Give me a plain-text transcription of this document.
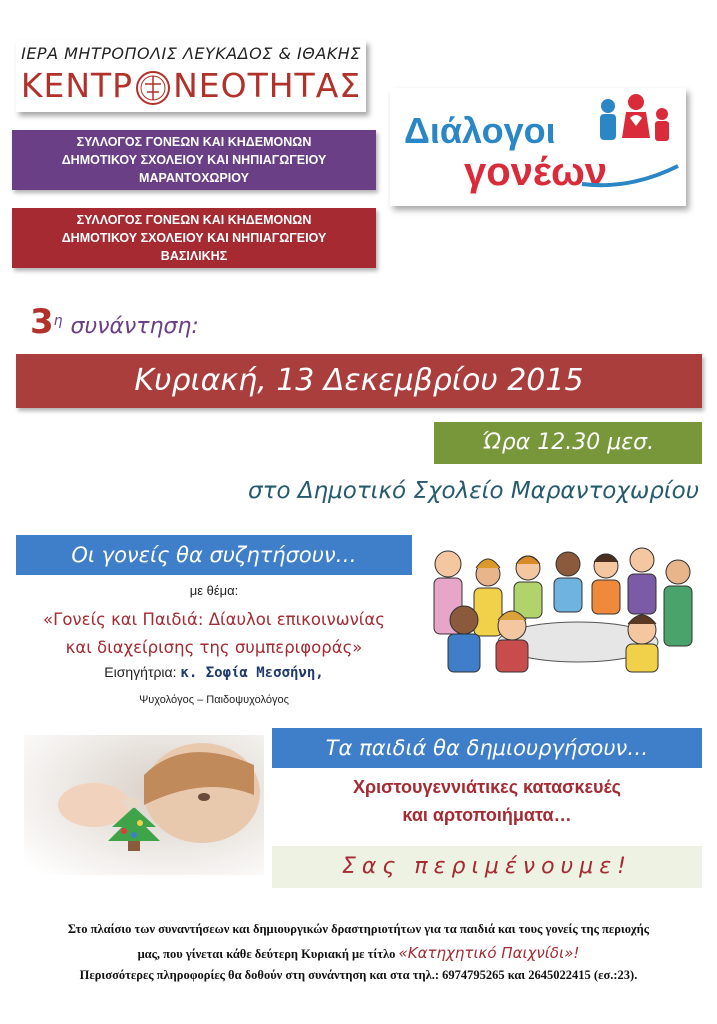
ΙΕΡΑ ΜΗΤΡΟΠΟΛΙΣ ΛΕΥΚΑΔΟΣ & ΙΘΑΚΗΣ
ΚΕΝΤΡ ΝΕΟΤΗΤΑΣ
ΣΥΛΛΟΓΟΣ ΓΟΝΕΩΝ ΚΑΙ ΚΗΔΕΜΟΝΩΝ
ΔΗΜΟΤΙΚΟΥ ΣΧΟΛΕΙΟΥ ΚΑΙ ΝΗΠΙΑΓΩΓΕΙΟΥ
ΜΑΡΑΝΤΟΧΩΡΙΟΥ
ΣΥΛΛΟΓΟΣ ΓΟΝΕΩΝ ΚΑΙ ΚΗΔΕΜΟΝΩΝ
ΔΗΜΟΤΙΚΟΥ ΣΧΟΛΕΙΟΥ ΚΑΙ ΝΗΠΙΑΓΩΓΕΙΟΥ
ΒΑΣΙΛΙΚΗΣ
Διάλογοι
γονέων
$3^\eta$ συνάντηση:
Κυριακή, 13 Δεκεμβρίου 2015
Ώρα 12.30 μεσ.
στο Δημοτικό Σχολείο Μαραντοχωρίου
Οι γονείς θα συζητήσουν…
με θέμα:
«Γονείς και Παιδιά: Δίαυλοι επικοινωνίας
και διαχείρισης της συμπεριφοράς»
Εισηγήτρια: κ. Σοφία Μεσσήνη,
Ψυχολόγος – Παιδοψυχολόγος
Τα παιδιά θα δημιουργήσουν…
Χριστουγεννιάτικες κατασκευές
και αρτοποιήματα…
Σας περιμένουμε!
Στο πλαίσιο των συναντήσεων και δημιουργικών δραστηριοτήτων για τα παιδιά και τους γονείς της περιοχής
μας, που γίνεται κάθε δεύτερη Κυριακή με τίτλο «Κατηχητικό Παιχνίδι»!
Περισσότερες πληροφορίες θα δοθούν στη συνάντηση και στα τηλ.: 6974795265 και 2645022415 (εσ.:23).
